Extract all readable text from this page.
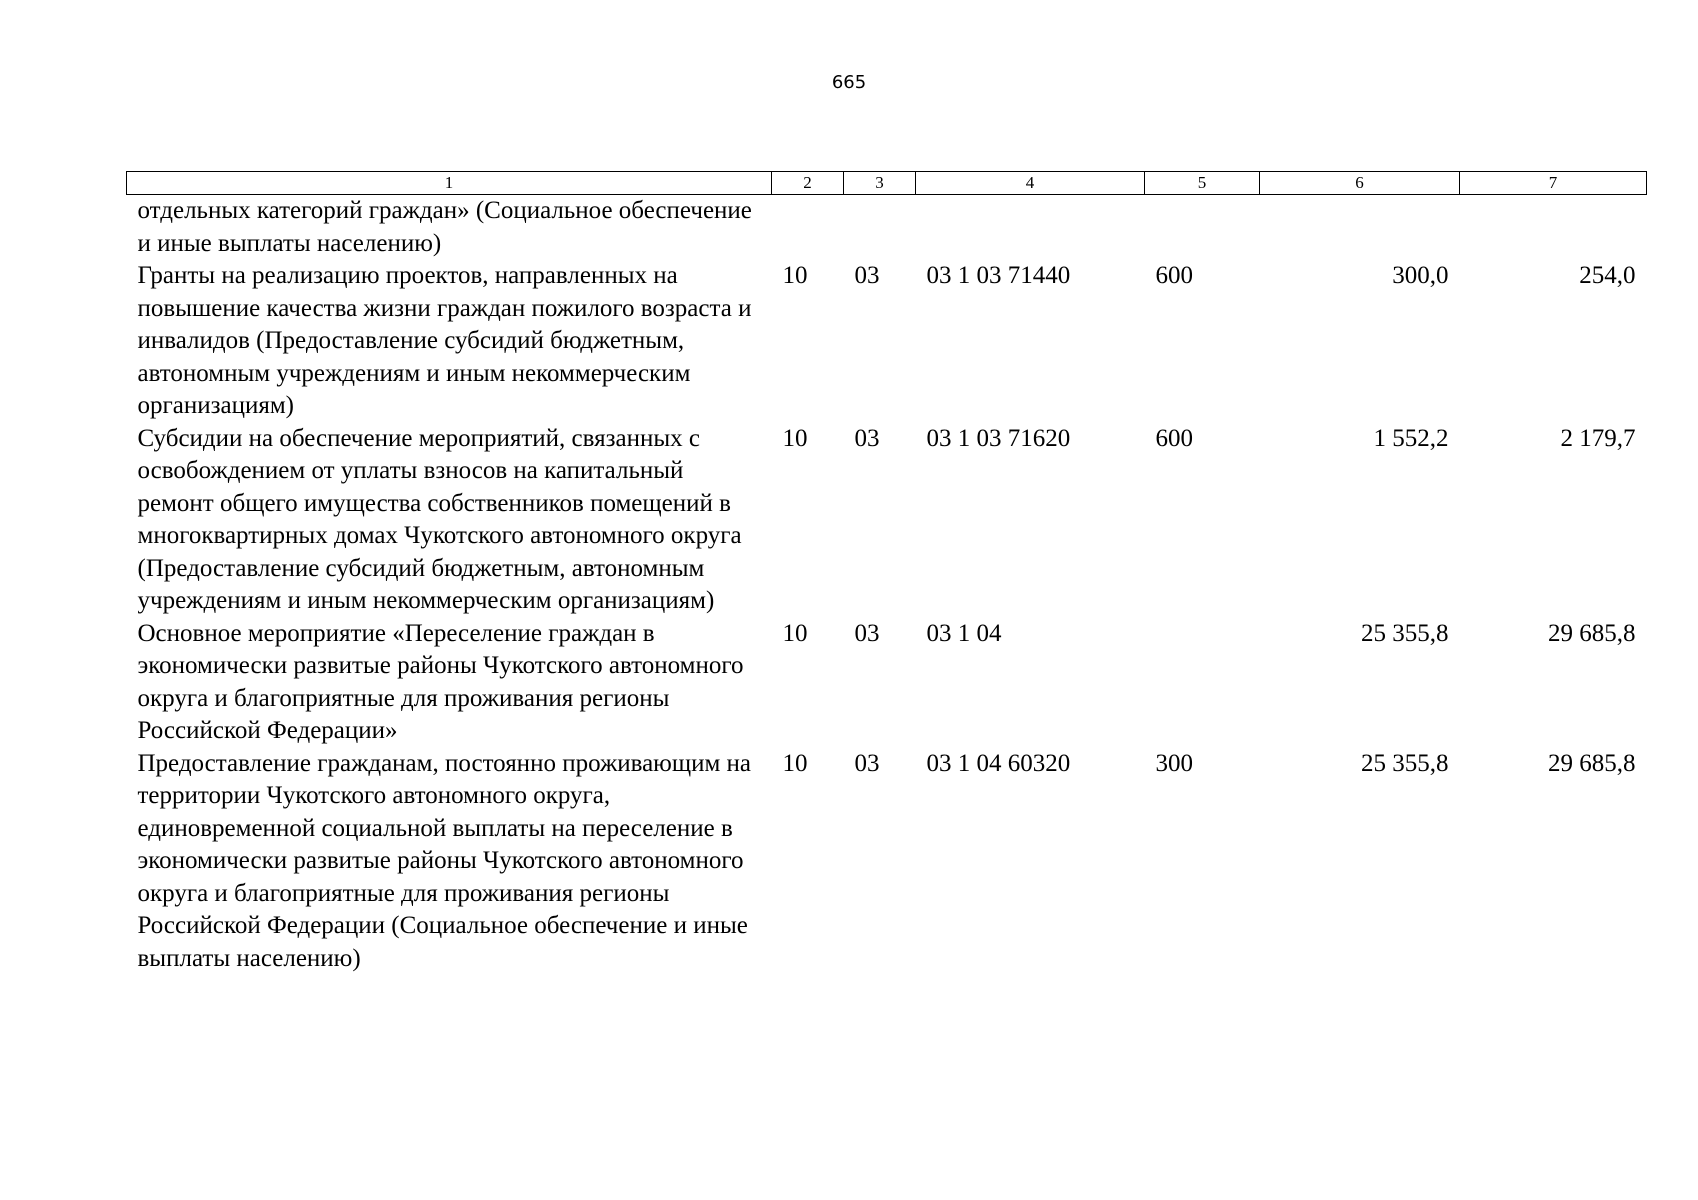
665
1	2	3	4	5	6	7
отдельных категорий граждан» (Социальное обеспечение и иные выплаты населению)						
Гранты на реализацию проектов, направленных на повышение качества жизни граждан пожилого возраста и инвалидов (Предоставление субсидий бюджетным, автономным учреждениям и иным некоммерческим организациям)	10	03	03 1 03 71440	600	300,0	254,0
Субсидии на обеспечение мероприятий, связанных с освобождением от уплаты взносов на капитальный ремонт общего имущества собственников помещений в многоквартирных домах Чукотского автономного округа (Предоставление субсидий бюджетным, автономным учреждениям и иным некоммерческим организациям)	10	03	03 1 03 71620	600	1 552,2	2 179,7
Основное мероприятие «Переселение граждан в экономически развитые районы Чукотского автономного округа и благоприятные для проживания регионы Российской Федерации»	10	03	03 1 04		25 355,8	29 685,8
Предоставление гражданам, постоянно проживающим на территории Чукотского автономного округа, единовременной социальной выплаты на переселение в экономически развитые районы Чукотского автономного округа и благоприятные для проживания регионы Российской Федерации (Социальное обеспечение и иные выплаты населению)	10	03	03 1 04 60320	300	25 355,8	29 685,8
